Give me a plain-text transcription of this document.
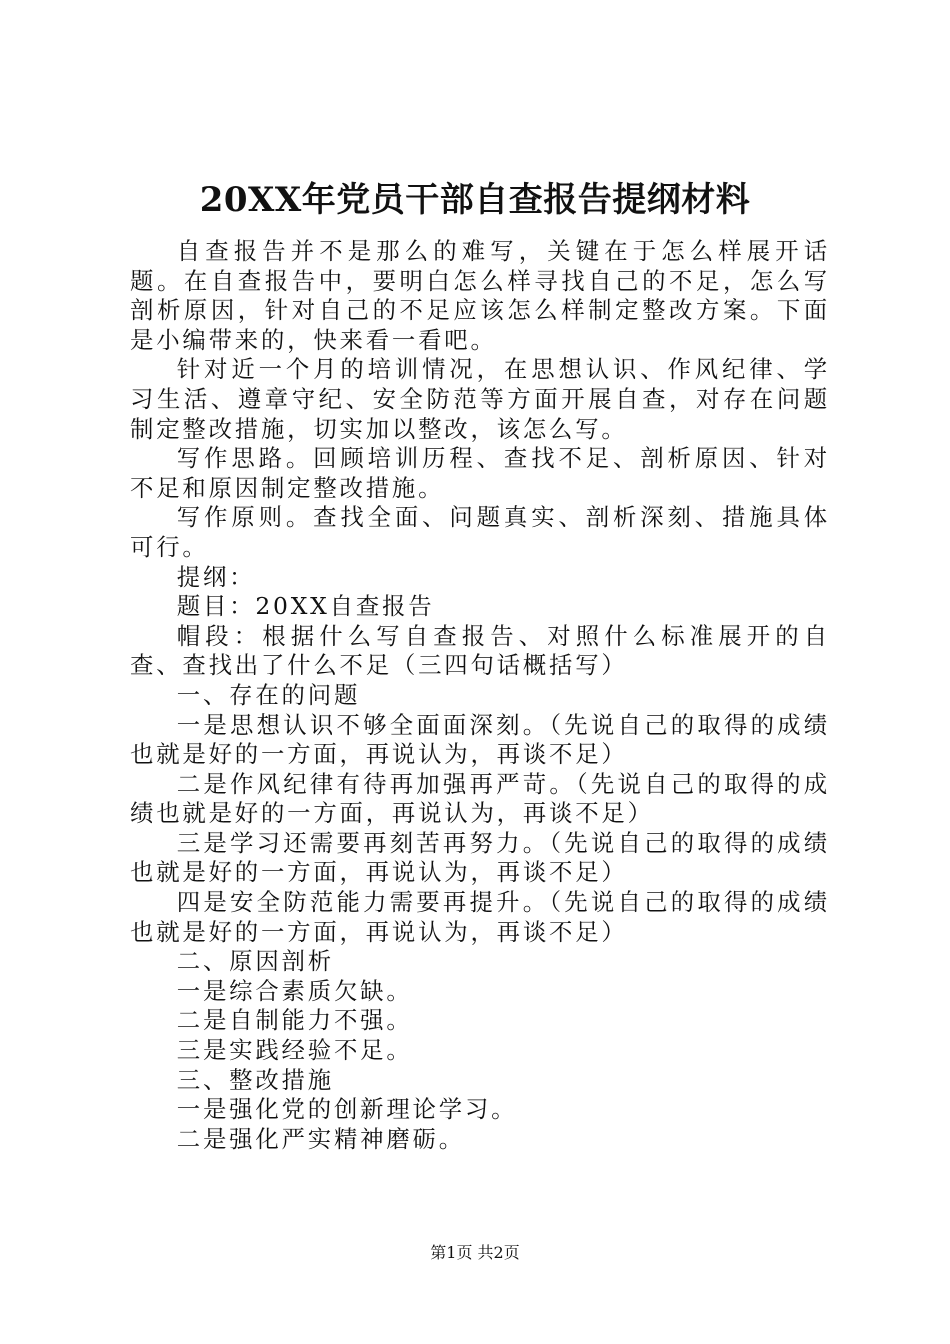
20XX年党员干部自查报告提纲材料

自查报告并不是那么的难写，关键在于怎么样展开话题。在自查报告中，要明白怎么样寻找自己的不足，怎么写剖析原因，针对自己的不足应该怎么样制定整改方案。下面是小编带来的，快来看一看吧。

针对近一个月的培训情况，在思想认识、作风纪律、学习生活、遵章守纪、安全防范等方面开展自查，对存在问题制定整改措施，切实加以整改，该怎么写。

写作思路。回顾培训历程、查找不足、剖析原因、针对不足和原因制定整改措施。

写作原则。查找全面、问题真实、剖析深刻、措施具体可行。

提纲：

题目：20XX自查报告

帽段：根据什么写自查报告、对照什么标准展开的自查、查找出了什么不足（三四句话概括写）

一、存在的问题

一是思想认识不够全面面深刻。（先说自己的取得的成绩也就是好的一方面，再说认为，再谈不足）

二是作风纪律有待再加强再严苛。（先说自己的取得的成绩也就是好的一方面，再说认为，再谈不足）

三是学习还需要再刻苦再努力。（先说自己的取得的成绩也就是好的一方面，再说认为，再谈不足）

四是安全防范能力需要再提升。（先说自己的取得的成绩也就是好的一方面，再说认为，再谈不足）

二、原因剖析

一是综合素质欠缺。

二是自制能力不强。

三是实践经验不足。

三、整改措施

一是强化党的创新理论学习。

二是强化严实精神磨砺。

第1页 共2页
